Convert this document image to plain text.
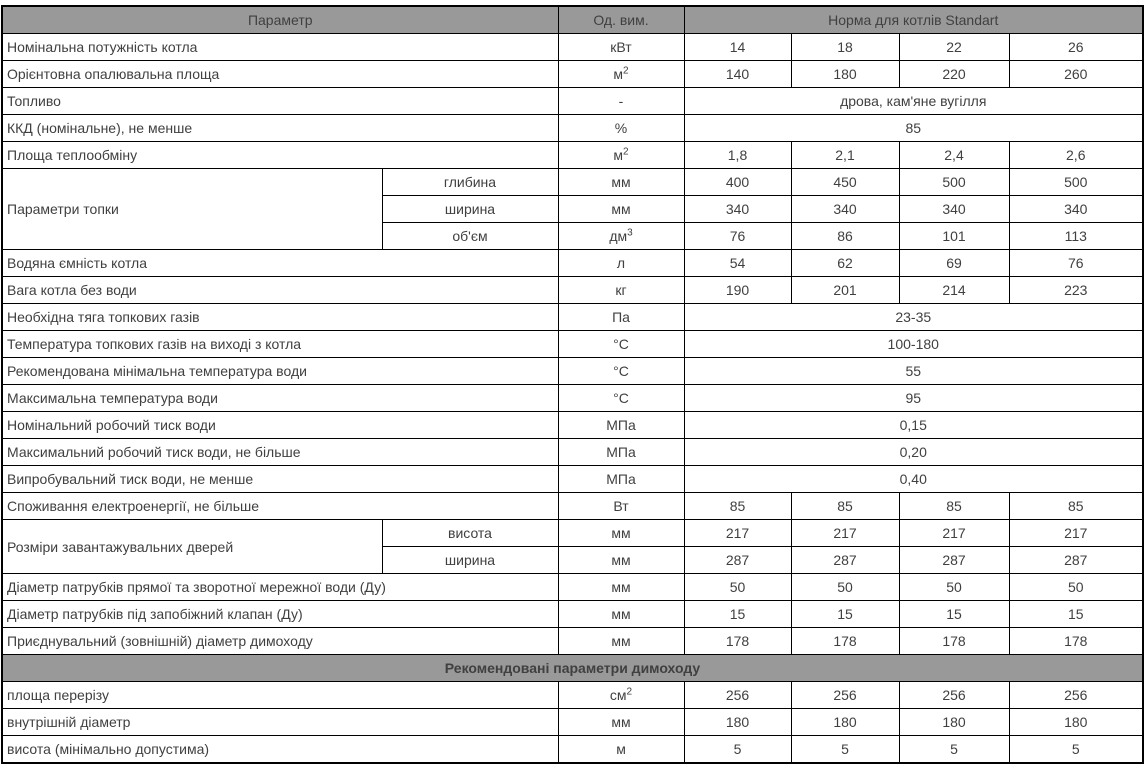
Параметр		Од. вим.	Норма для котлів Standart			
Номінальна потужність котла		кВт	14	18	22	26
Орієнтовна опалювальна площа		$м^2$	140	180	220	260
Топливо		-	дрова, кам'яне вугілля			
ККД (номінальне), не менше		%	85			
Площа теплообміну		$м^2$	1,8	2,1	2,4	2,6
Параметри топки	глибина	мм	400	450	500	500
	ширина	мм	340	340	340	340
	об'єм	$дм^3$	76	86	101	113
Водяна ємність котла		л	54	62	69	76
Вага котла без води		кг	190	201	214	223
Необхідна тяга топкових газів		Па	23-35			
Температура топкових газів на виході з котла		°С	100-180			
Рекомендована мінімальна температура води		°С	55			
Максимальна температура води		°С	95			
Номінальний робочий тиск води		МПа	0,15			
Максимальний робочий тиск води, не більше		МПа	0,20			
Випробувальний тиск води, не менше		МПа	0,40			
Споживання електроенергії, не більше		Вт	85	85	85	85
Розміри завантажувальних дверей	висота	мм	217	217	217	217
	ширина	мм	287	287	287	287
Діаметр патрубків прямої та зворотної мережної води (Ду)		мм	50	50	50	50
Діаметр патрубків під запобіжний клапан (Ду)		мм	15	15	15	15
Приєднувальний (зовнішній) діаметр димоходу		мм	178	178	178	178
Рекомендовані параметри димоходу						
площа перерізу		$см^2$	256	256	256	256
внутрішній діаметр		мм	180	180	180	180
висота (мінімально допустима)		м	5	5	5	5
